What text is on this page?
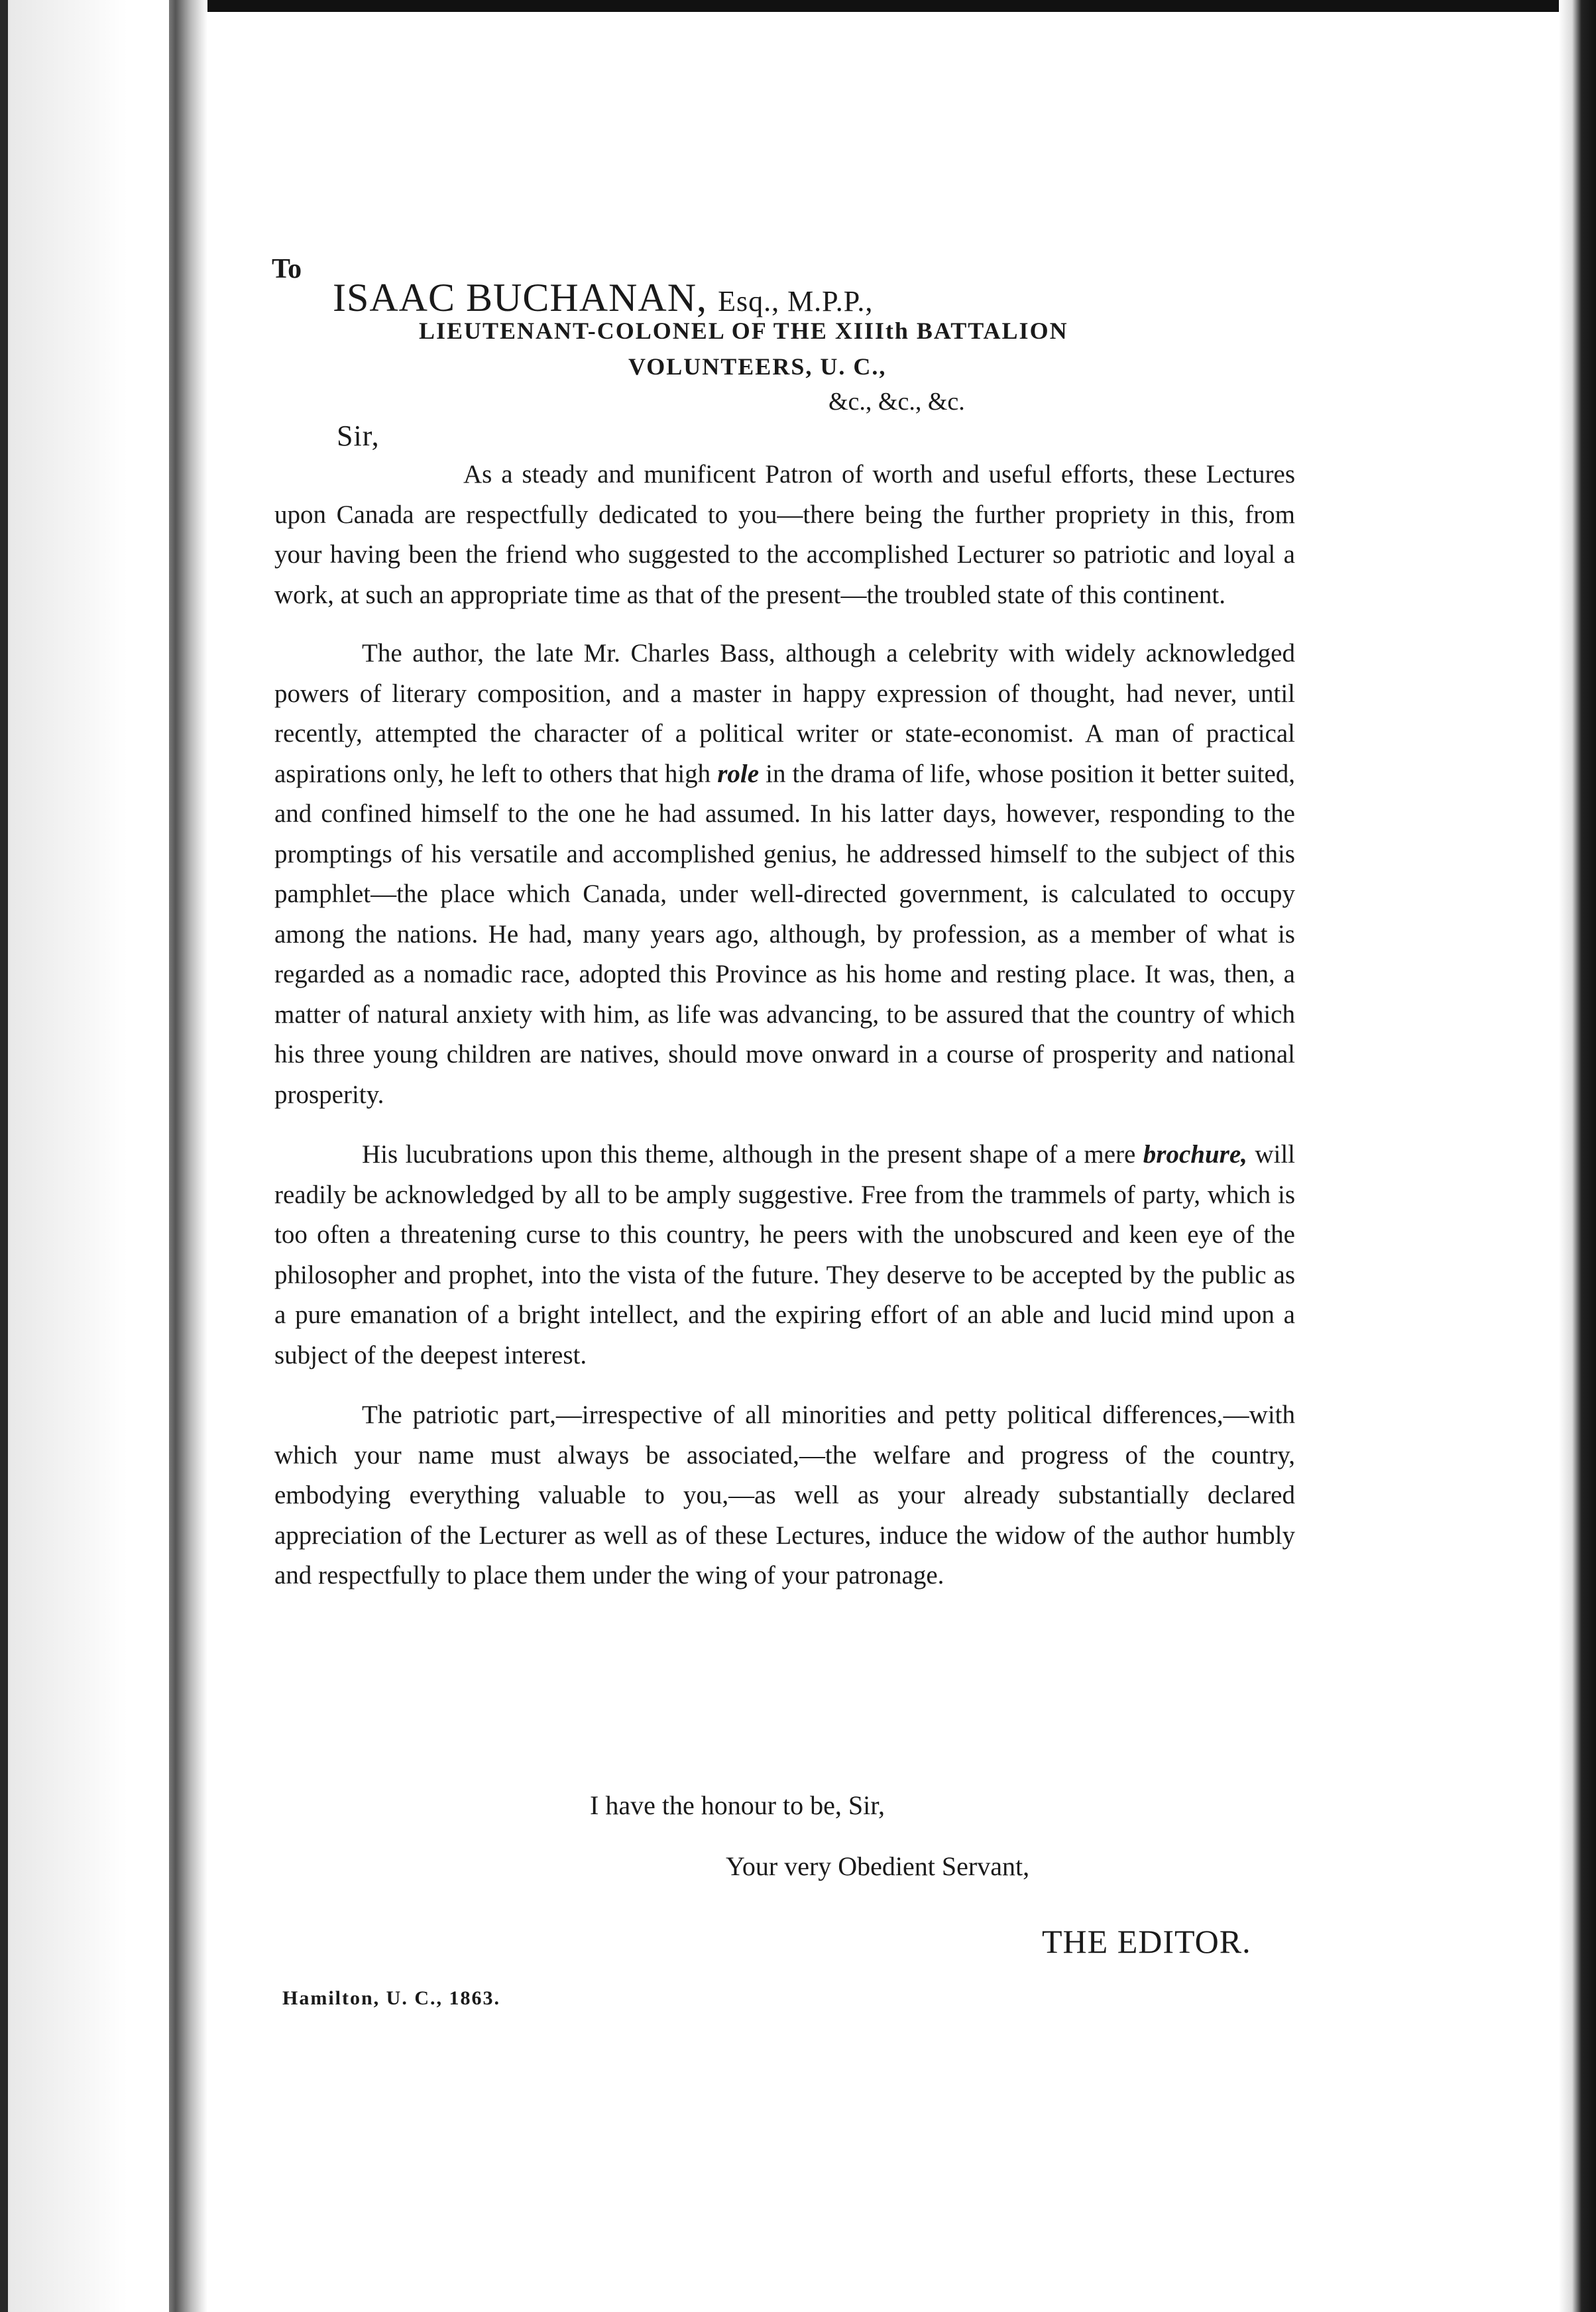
To
ISAAC BUCHANAN, Esq., M.P.P.,
LIEUTENANT-COLONEL OF THE XIIIth BATTALION
VOLUNTEERS, U. C.,
&c., &c., &c.
Sir,

As a steady and munificent Patron of worth and useful efforts, these Lectures upon Canada are respectfully dedicated to you—there being the further propriety in this, from your having been the friend who suggested to the accomplished Lecturer so patriotic and loyal a work, at such an appropriate time as that of the present—the troubled state of this continent.

The author, the late Mr. Charles Bass, although a celebrity with widely acknowledged powers of literary composition, and a master in happy expression of thought, had never, until recently, attempted the character of a political writer or state-economist. A man of practical aspirations only, he left to others that high role in the drama of life, whose position it better suited, and confined himself to the one he had assumed. In his latter days, however, responding to the promptings of his versatile and accomplished genius, he addressed himself to the subject of this pamphlet—the place which Canada, under well-directed government, is calculated to occupy among the nations. He had, many years ago, although, by profession, as a member of what is regarded as a nomadic race, adopted this Province as his home and resting place. It was, then, a matter of natural anxiety with him, as life was advancing, to be assured that the country of which his three young children are natives, should move onward in a course of prosperity and national prosperity.

His lucubrations upon this theme, although in the present shape of a mere brochure, will readily be acknowledged by all to be amply suggestive. Free from the trammels of party, which is too often a threatening curse to this country, he peers with the unobscured and keen eye of the philosopher and prophet, into the vista of the future. They deserve to be accepted by the public as a pure emanation of a bright intellect, and the expiring effort of an able and lucid mind upon a subject of the deepest interest.

The patriotic part,—irrespective of all minorities and petty political differences,—with which your name must always be associated,—the welfare and progress of the country, embodying everything valuable to you,—as well as your already substantially declared appreciation of the Lecturer as well as of these Lectures, induce the widow of the author humbly and respectfully to place them under the wing of your patronage.

I have the honour to be, Sir,
Your very Obedient Servant,
THE EDITOR.
Hamilton, U. C., 1863.
